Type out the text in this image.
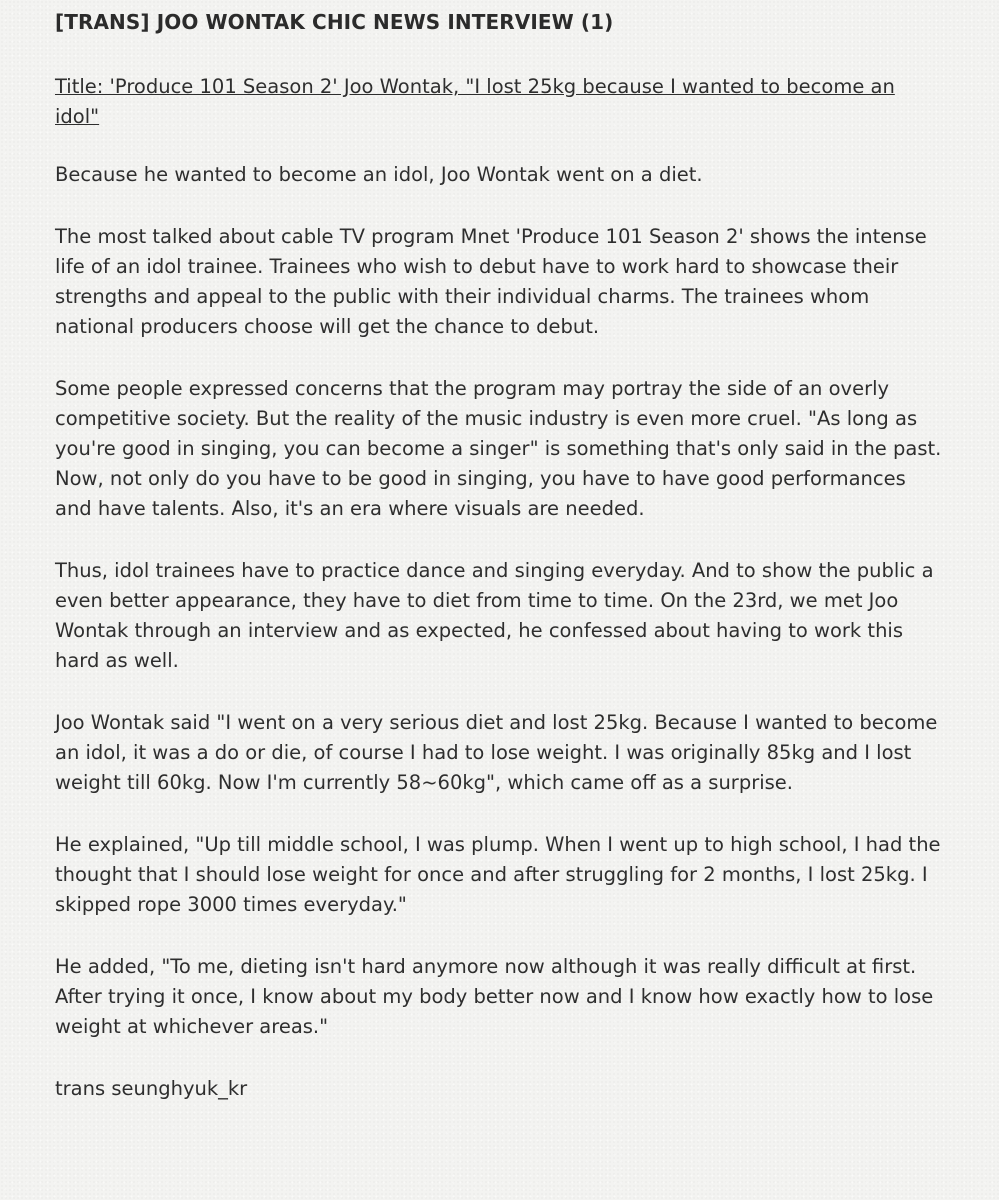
[TRANS] JOO WONTAK CHIC NEWS INTERVIEW (1)
Title: 'Produce 101 Season 2' Joo Wontak, "I lost 25kg because I wanted to become an idol"

Because he wanted to become an idol, Joo Wontak went on a diet.

The most talked about cable TV program Mnet 'Produce 101 Season 2' shows the intense life of an idol trainee. Trainees who wish to debut have to work hard to showcase their strengths and appeal to the public with their individual charms. The trainees whom national producers choose will get the chance to debut.

Some people expressed concerns that the program may portray the side of an overly competitive society. But the reality of the music industry is even more cruel. "As long as you're good in singing, you can become a singer" is something that's only said in the past. Now, not only do you have to be good in singing, you have to have good performances and have talents. Also, it's an era where visuals are needed.

Thus, idol trainees have to practice dance and singing everyday. And to show the public a even better appearance, they have to diet from time to time. On the 23rd, we met Joo Wontak through an interview and as expected, he confessed about having to work this hard as well.

Joo Wontak said "I went on a very serious diet and lost 25kg. Because I wanted to become an idol, it was a do or die, of course I had to lose weight. I was originally 85kg and I lost weight till 60kg. Now I'm currently 58~60kg", which came off as a surprise.

He explained, "Up till middle school, I was plump. When I went up to high school, I had the thought that I should lose weight for once and after struggling for 2 months, I lost 25kg. I skipped rope 3000 times everyday."

He added, "To me, dieting isn't hard anymore now although it was really difficult at first. After trying it once, I know about my body better now and I know how exactly how to lose weight at whichever areas."

trans seunghyuk_kr
